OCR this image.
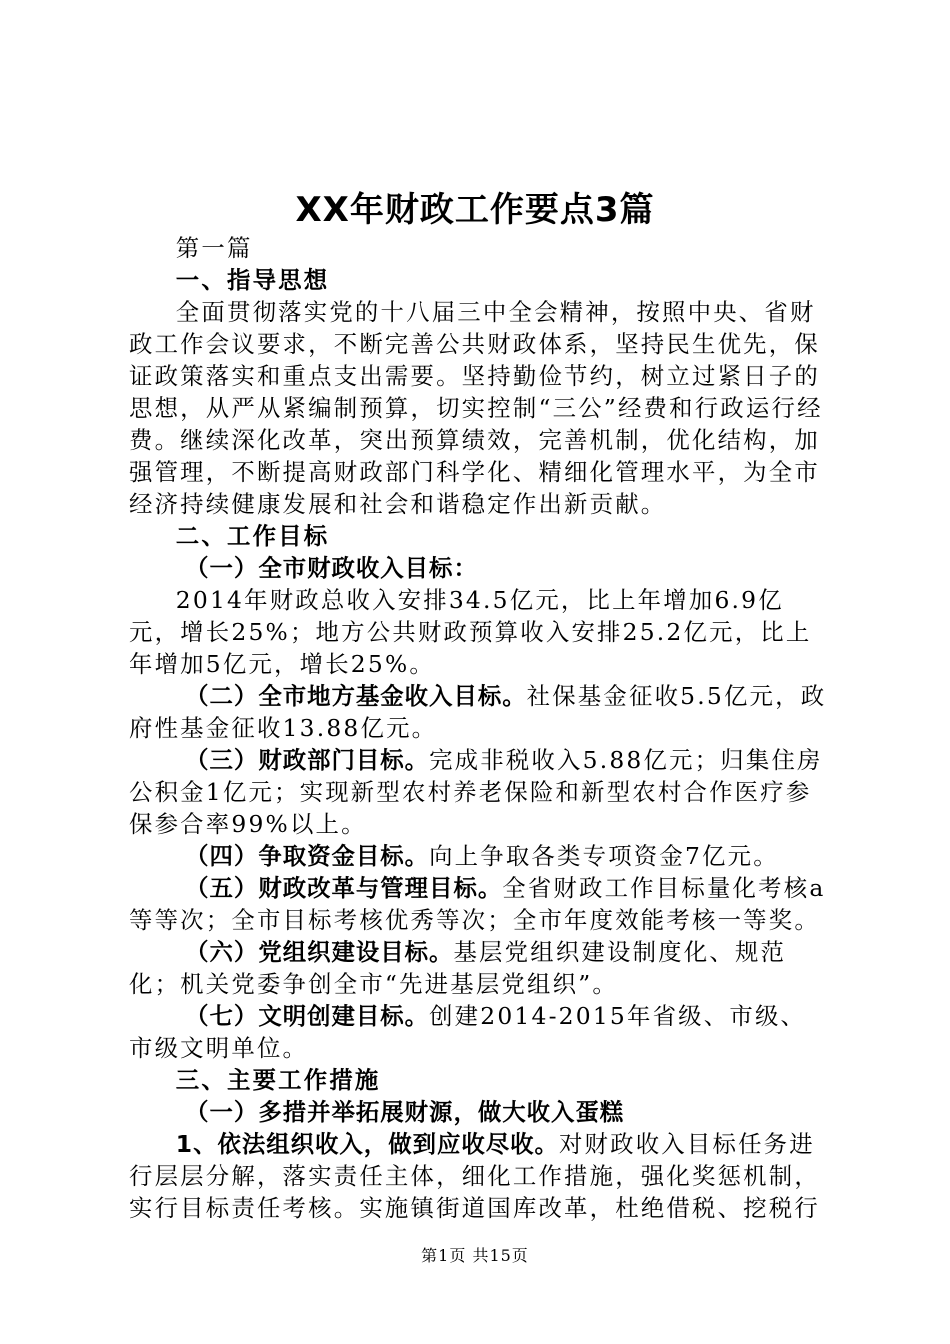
XX年财政工作要点3篇

第一篇

一、指导思想

全面贯彻落实党的十八届三中全会精神，按照中央、省财政工作会议要求，不断完善公共财政体系，坚持民生优先，保证政策落实和重点支出需要。坚持勤俭节约，树立过紧日子的思想，从严从紧编制预算，切实控制“三公”经费和行政运行经费。继续深化改革，突出预算绩效，完善机制，优化结构，加强管理，不断提高财政部门科学化、精细化管理水平，为全市经济持续健康发展和社会和谐稳定作出新贡献。

二、工作目标

（一）全市财政收入目标：

2014年财政总收入安排34.5亿元，比上年增加6.9亿元，增长25%；地方公共财政预算收入安排25.2亿元，比上年增加5亿元，增长25%。

（二）全市地方基金收入目标。社保基金征收5.5亿元，政府性基金征收13.88亿元。

（三）财政部门目标。完成非税收入5.88亿元；归集住房公积金1亿元；实现新型农村养老保险和新型农村合作医疗参保参合率99%以上。

（四）争取资金目标。向上争取各类专项资金7亿元。

（五）财政改革与管理目标。全省财政工作目标量化考核a等等次；全市目标考核优秀等次；全市年度效能考核一等奖。

（六）党组织建设目标。基层党组织建设制度化、规范化；机关党委争创全市“先进基层党组织”。

（七）文明创建目标。创建2014-2015年省级、市级、市级文明单位。

三、主要工作措施

（一）多措并举拓展财源，做大收入蛋糕

1、依法组织收入，做到应收尽收。对财政收入目标任务进行层层分解，落实责任主体，细化工作措施，强化奖惩机制，实行目标责任考核。实施镇街道国库改革，杜绝借税、挖税行

第1页 共15页
